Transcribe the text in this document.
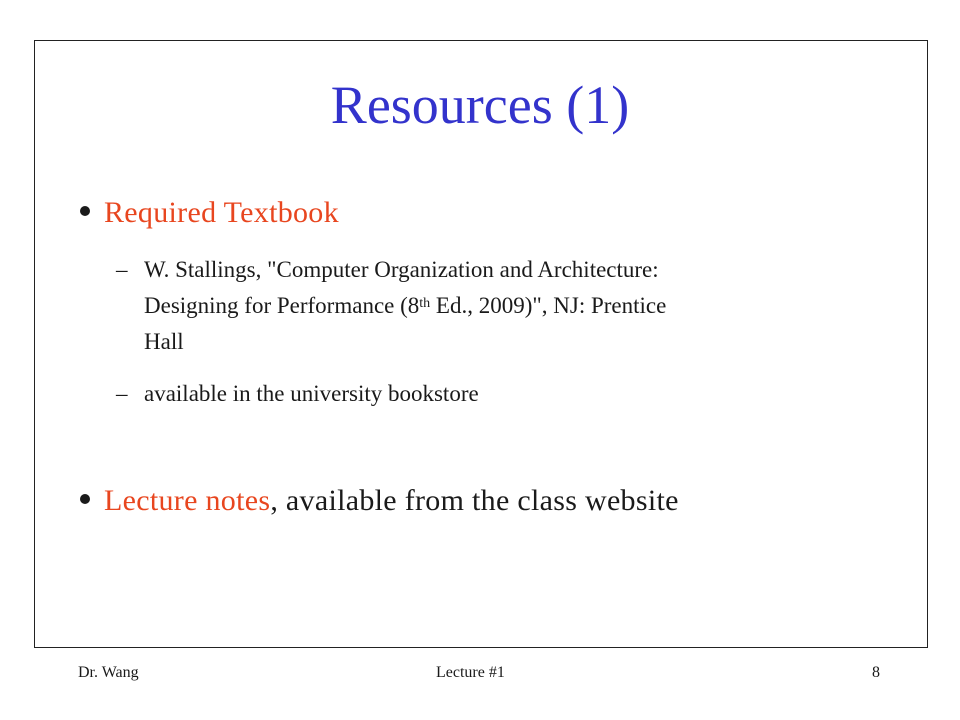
Resources (1)
Required Textbook
– W. Stallings, "Computer Organization and Architecture:
Designing for Performance (8th Ed., 2009)", NJ: Prentice
Hall
– available in the university bookstore
Lecture notes , available from the class website
Dr. Wang	Lecture #1	8
